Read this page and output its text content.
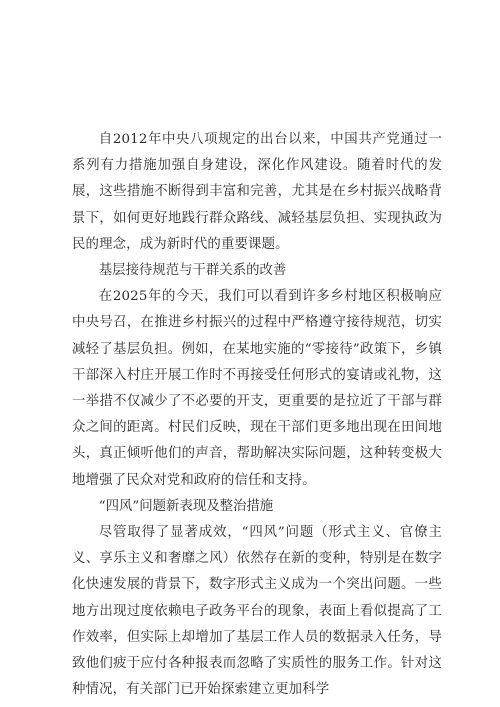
自2012年中央八项规定的出台以来，中国共产党通过一系列有力措施加强自身建设，深化作风建设。随着时代的发展，这些措施不断得到丰富和完善，尤其是在乡村振兴战略背景下，如何更好地践行群众路线、减轻基层负担、实现执政为民的理念，成为新时代的重要课题。

基层接待规范与干群关系的改善

在2025年的今天，我们可以看到许多乡村地区积极响应中央号召，在推进乡村振兴的过程中严格遵守接待规范，切实减轻了基层负担。例如，在某地实施的“零接待”政策下，乡镇干部深入村庄开展工作时不再接受任何形式的宴请或礼物，这一举措不仅减少了不必要的开支，更重要的是拉近了干部与群众之间的距离。村民们反映，现在干部们更多地出现在田间地头，真正倾听他们的声音，帮助解决实际问题，这种转变极大地增强了民众对党和政府的信任和支持。

“四风”问题新表现及整治措施

尽管取得了显著成效，“四风”问题（形式主义、官僚主义、享乐主义和奢靡之风）依然存在新的变种，特别是在数字化快速发展的背景下，数字形式主义成为一个突出问题。一些地方出现过度依赖电子政务平台的现象，表面上看似提高了工作效率，但实际上却增加了基层工作人员的数据录入任务，导致他们疲于应付各种报表而忽略了实质性的服务工作。针对这种情况，有关部门已开始探索建立更加科学
